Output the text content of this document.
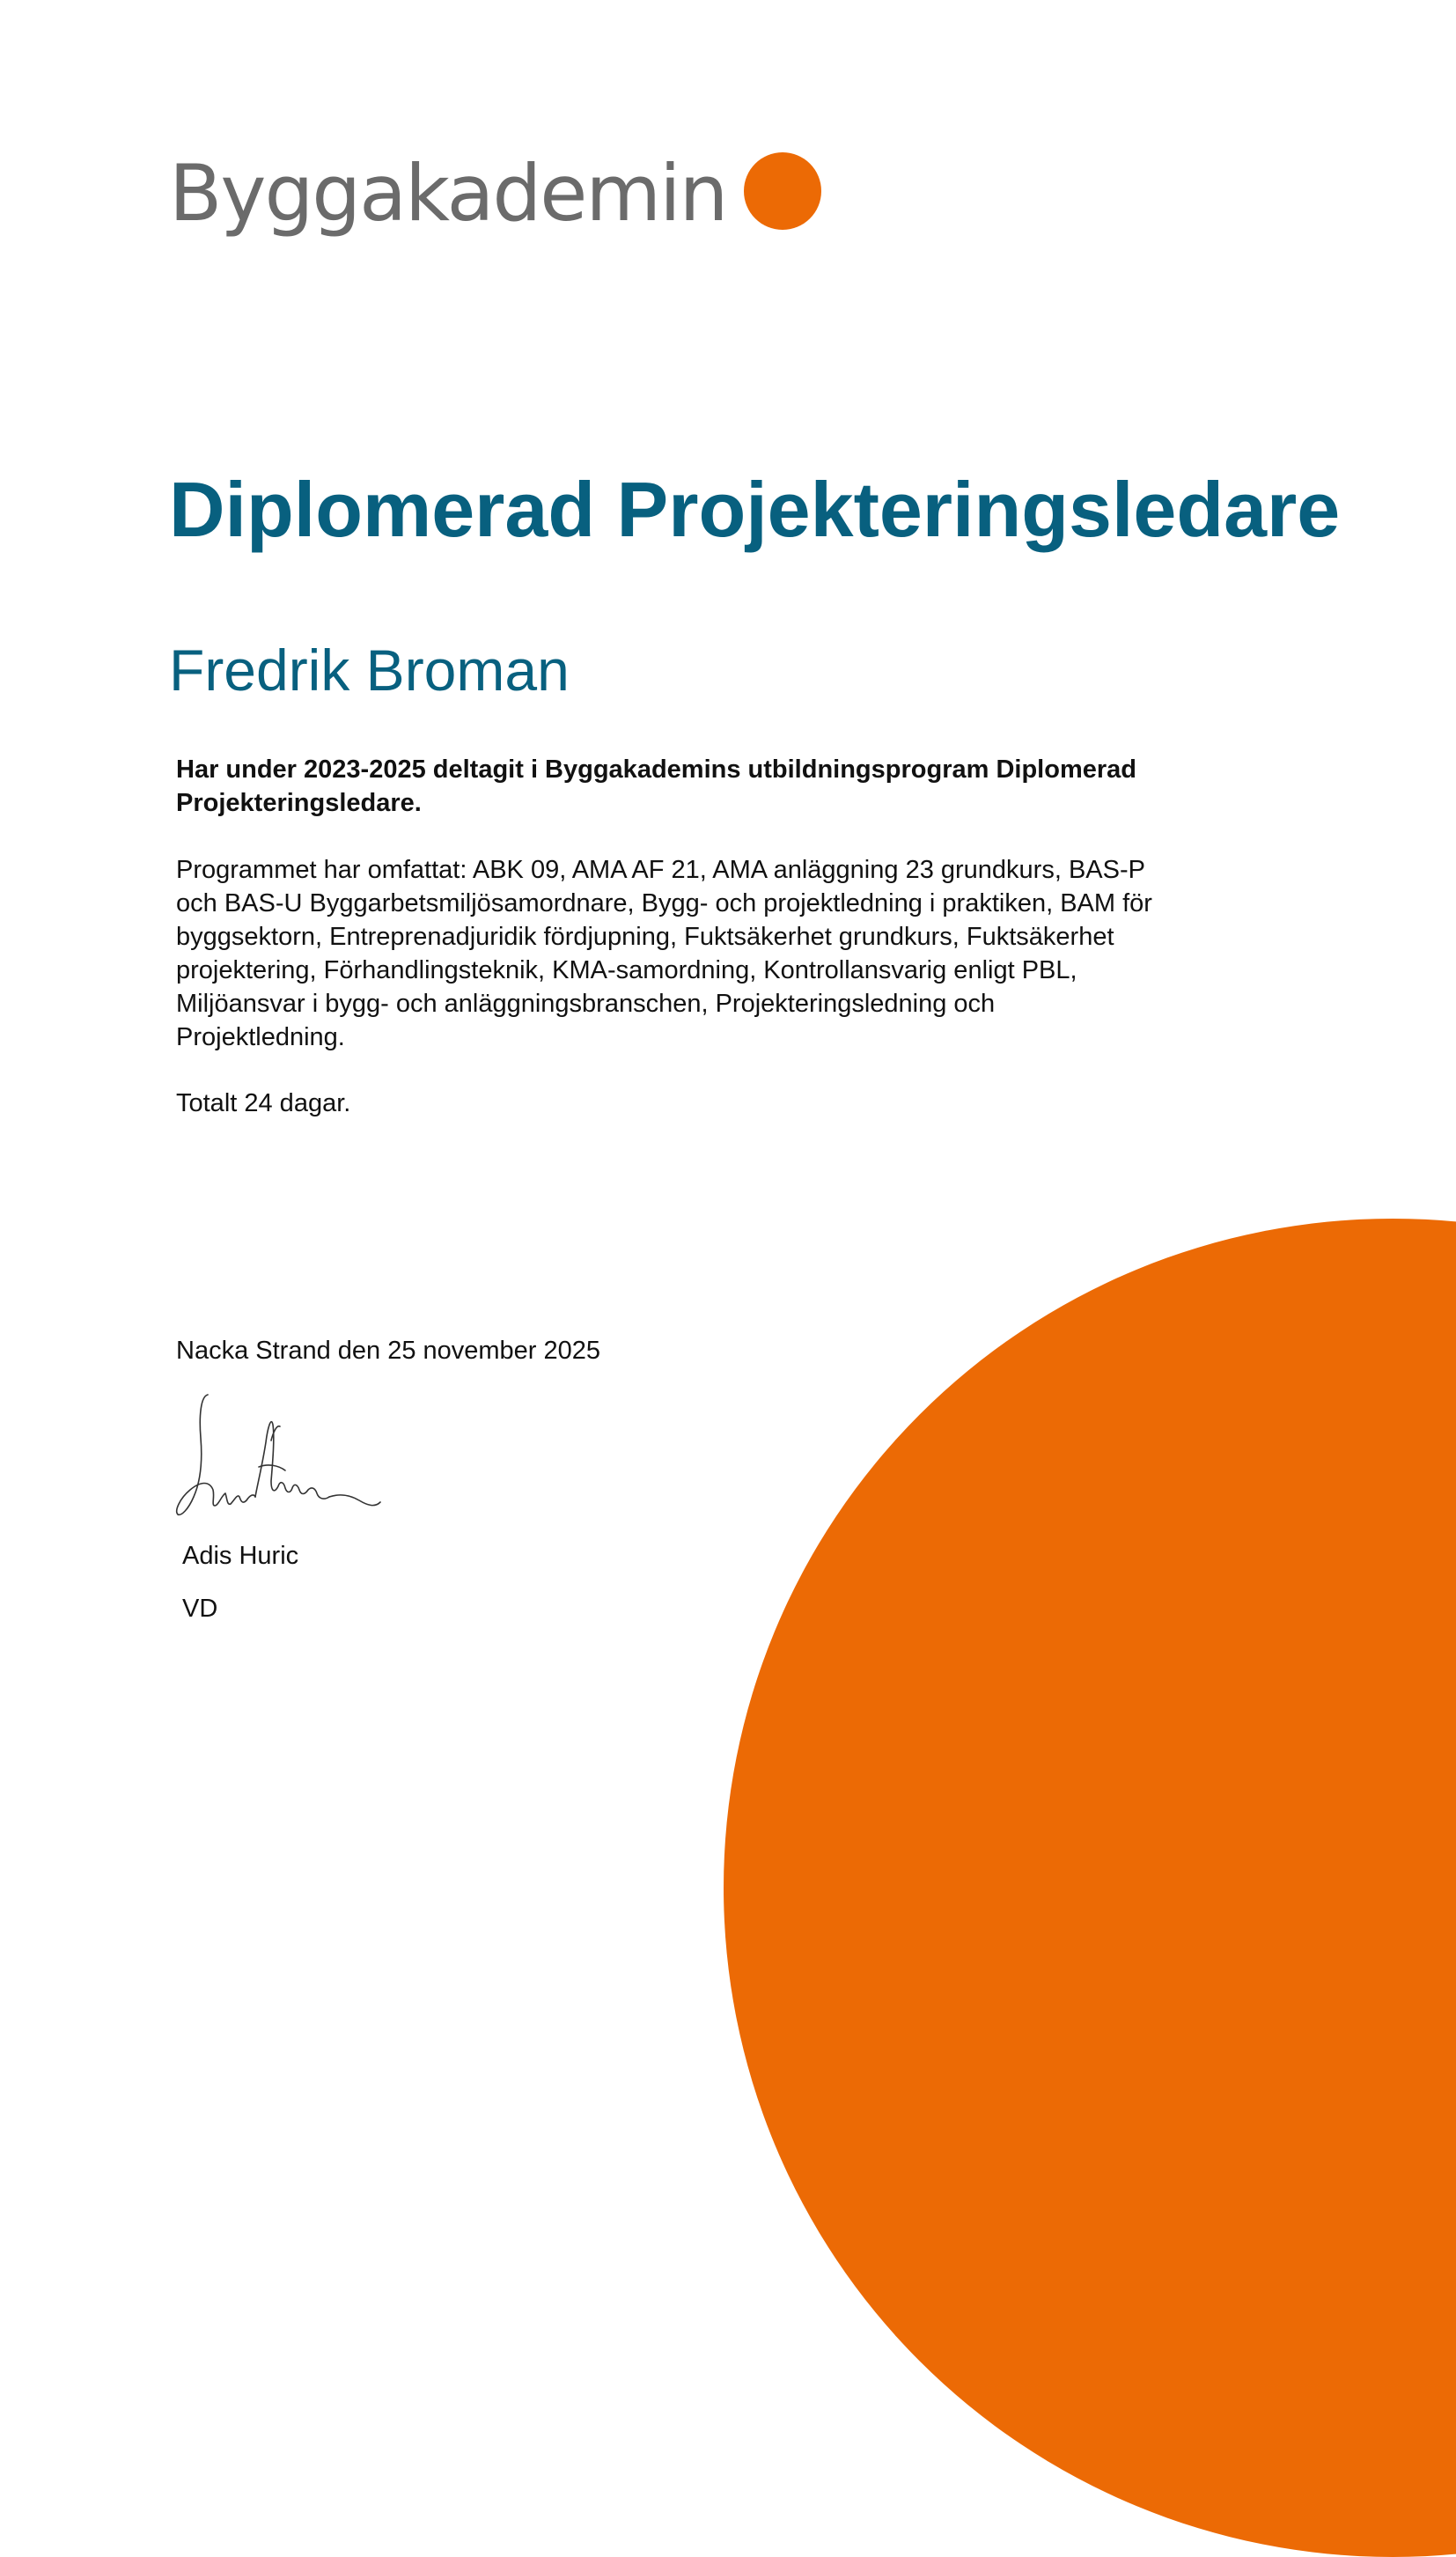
Byggakademin
Diplomerad Projekteringsledare
Fredrik Broman

Har under 2023-2025 deltagit i Byggakademins utbildningsprogram Diplomerad Projekteringsledare.

Programmet har omfattat: ABK 09, AMA AF 21, AMA anläggning 23 grundkurs, BAS-P och BAS-U Byggarbetsmiljösamordnare, Bygg- och projektledning i praktiken, BAM för byggsektorn, Entreprenadjuridik fördjupning, Fuktsäkerhet grundkurs, Fuktsäkerhet projektering, Förhandlingsteknik, KMA-samordning, Kontrollansvarig enligt PBL, Miljöansvar i bygg- och anläggningsbranschen, Projekteringsledning och Projektledning.

Totalt 24 dagar.

Nacka Strand den 25 november 2025

Adis Huric

VD
